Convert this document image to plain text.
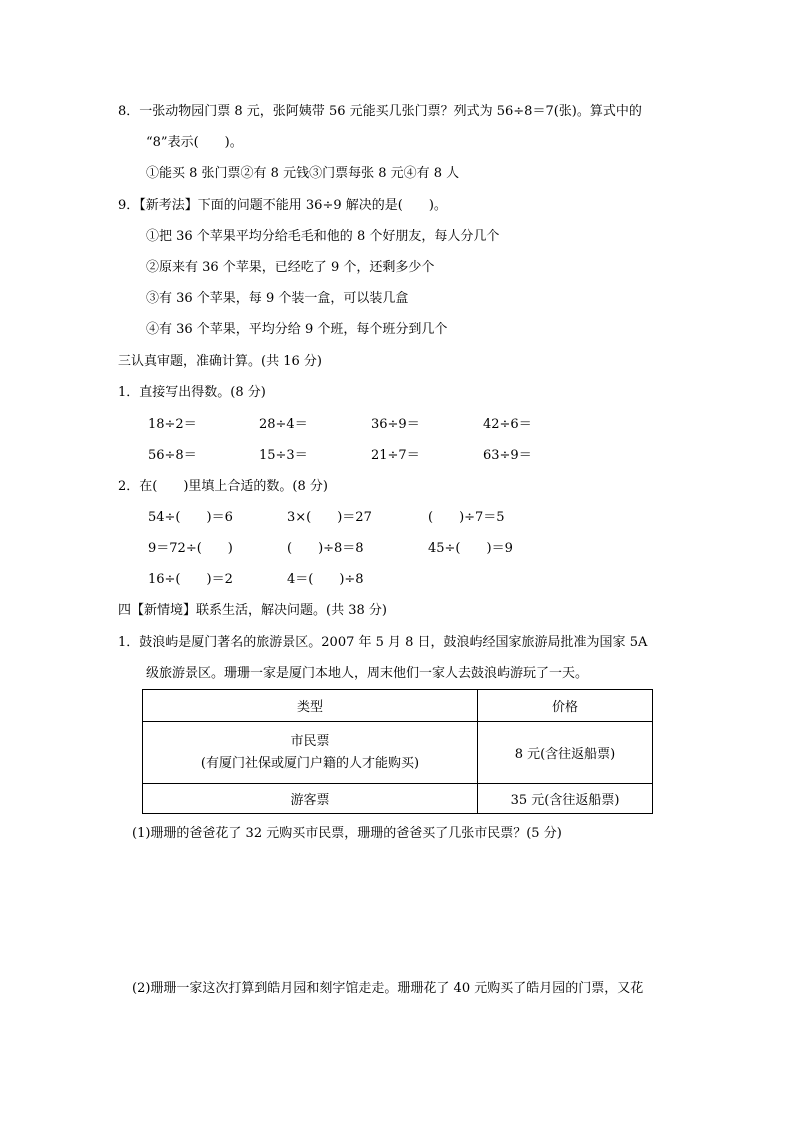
8．一张动物园门票 8 元，张阿姨带 56 元能买几张门票？列式为 56÷8＝7(张)。算式中的
“8”表示(　　)。
①能买 8 张门票②有 8 元钱③门票每张 8 元④有 8 人
9．【新考法】下面的问题不能用 36÷9 解决的是(　　)。
①把 36 个苹果平均分给毛毛和他的 8 个好朋友，每人分几个
②原来有 36 个苹果，已经吃了 9 个，还剩多少个
③有 36 个苹果，每 9 个装一盒，可以装几盒
④有 36 个苹果，平均分给 9 个班，每个班分到几个
三认真审题，准确计算。(共 16 分)
1．直接写出得数。(8 分)
18÷2＝	28÷4＝	36÷9＝	42÷6＝
56÷8＝	15÷3＝	21÷7＝	63÷9＝
2．在(　　)里填上合适的数。(8 分)
54÷(　　)＝6	3×(　　)＝27	(　　)÷7＝5
9＝72÷(　　)	(　　)÷8＝8	45÷(　　)＝9
16÷(　　)＝2	4＝(　　)÷8
四【新情境】联系生活，解决问题。(共 38 分)
1．鼓浪屿是厦门著名的旅游景区。2007 年 5 月 8 日，鼓浪屿经国家旅游局批准为国家 5A
级旅游景区。珊珊一家是厦门本地人，周末他们一家人去鼓浪屿游玩了一天。
类型	价格

市民票
(有厦门社保或厦门户籍的人才能购买)	8 元(含往返船票)
游客票	35 元(含往返船票)
(1)珊珊的爸爸花了 32 元购买市民票，珊珊的爸爸买了几张市民票？(5 分)
(2)珊珊一家这次打算到皓月园和刻字馆走走。珊珊花了 40 元购买了皓月园的门票，又花
